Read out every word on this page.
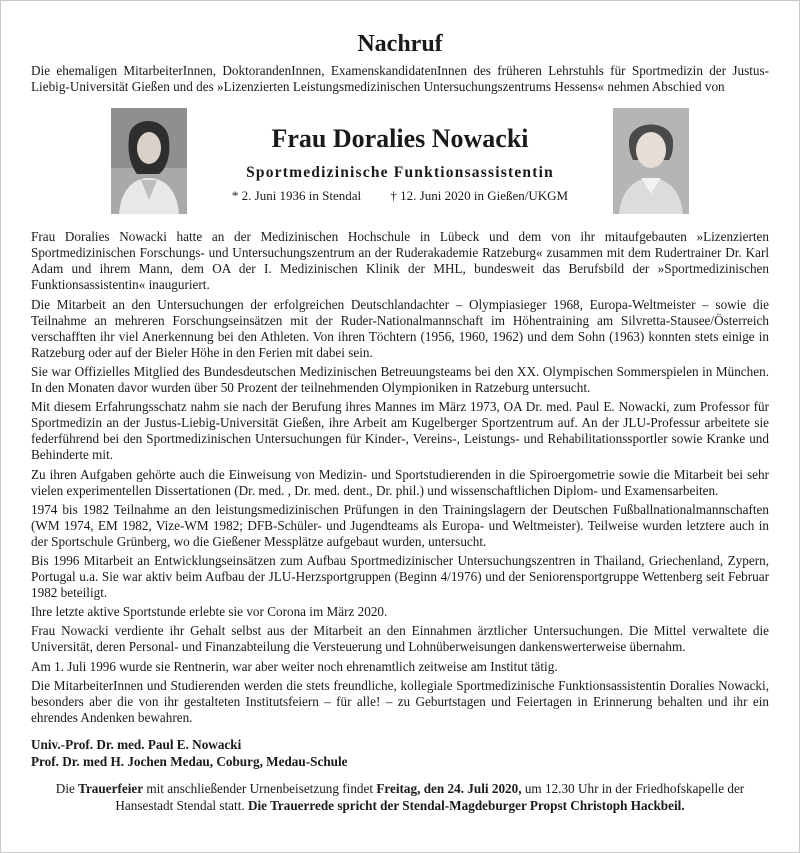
Nachruf

Die ehemaligen MitarbeiterInnen, DoktorandenInnen, ExamenskandidatenInnen des früheren Lehrstuhls für Sportmedizin der Justus-Liebig-Universität Gießen und des »Lizenzierten Leistungsmedizinischen Untersuchungszentrums Hessens« nehmen Abschied von

Frau Doralies Nowacki
Sportmedizinische Funktionsassistentin
* 2. Juni 1936 in Stendal † 12. Juni 2020 in Gießen/UKGM

Frau Doralies Nowacki hatte an der Medizinischen Hochschule in Lübeck und dem von ihr mitaufgebauten »Lizenzierten Sportmedizinischen Forschungs- und Untersuchungszentrum an der Ruderakademie Ratzeburg« zusammen mit dem Rudertrainer Dr. Karl Adam und ihrem Mann, dem OA der I. Medizinischen Klinik der MHL, bundesweit das Berufsbild der »Sportmedizinischen Funktionsassistentin« inauguriert.

Die Mitarbeit an den Untersuchungen der erfolgreichen Deutschlandachter – Olympiasieger 1968, Europa-Weltmeister – sowie die Teilnahme an mehreren Forschungseinsätzen mit der Ruder-Nationalmannschaft im Höhentraining am Silvretta-Stausee/Österreich verschafften ihr viel Anerkennung bei den Athleten. Von ihren Töchtern (1956, 1960, 1962) und dem Sohn (1963) konnten stets einige in Ratzeburg oder auf der Bieler Höhe in den Ferien mit dabei sein.

Sie war Offizielles Mitglied des Bundesdeutschen Medizinischen Betreuungsteams bei den XX. Olympischen Sommerspielen in München. In den Monaten davor wurden über 50 Prozent der teilnehmenden Olympioniken in Ratzeburg untersucht.

Mit diesem Erfahrungsschatz nahm sie nach der Berufung ihres Mannes im März 1973, OA Dr. med. Paul E. Nowacki, zum Professor für Sportmedizin an der Justus-Liebig-Universität Gießen, ihre Arbeit am Kugelberger Sportzentrum auf. An der JLU-Professur arbeitete sie federführend bei den Sportmedizinischen Untersuchungen für Kinder-, Vereins-, Leistungs- und Rehabilitationssportler sowie Kranke und Behinderte mit.

Zu ihren Aufgaben gehörte auch die Einweisung von Medizin- und Sportstudierenden in die Spiroergometrie sowie die Mitarbeit bei sehr vielen experimentellen Dissertationen (Dr. med. , Dr. med. dent., Dr. phil.) und wissenschaftlichen Diplom- und Examensarbeiten.

1974 bis 1982 Teilnahme an den leistungsmedizinischen Prüfungen in den Trainingslagern der Deutschen Fußballnationalmannschaften (WM 1974, EM 1982, Vize-WM 1982; DFB-Schüler- und Jugendteams als Europa- und Weltmeister). Teilweise wurden letztere auch in der Sportschule Grünberg, wo die Gießener Messplätze aufgebaut wurden, untersucht.

Bis 1996 Mitarbeit an Entwicklungseinsätzen zum Aufbau Sportmedizinischer Untersuchungszentren in Thailand, Griechenland, Zypern, Portugal u.a. Sie war aktiv beim Aufbau der JLU-Herzsportgruppen (Beginn 4/1976) und der Seniorensportgruppe Wettenberg seit Februar 1982 beteiligt.

Ihre letzte aktive Sportstunde erlebte sie vor Corona im März 2020.

Frau Nowacki verdiente ihr Gehalt selbst aus der Mitarbeit an den Einnahmen ärztlicher Untersuchungen. Die Mittel verwaltete die Universität, deren Personal- und Finanzabteilung die Versteuerung und Lohnüberweisungen dankenswerterweise übernahm.

Am 1. Juli 1996 wurde sie Rentnerin, war aber weiter noch ehrenamtlich zeitweise am Institut tätig.

Die MitarbeiterInnen und Studierenden werden die stets freundliche, kollegiale Sportmedizinische Funktionsassistentin Doralies Nowacki, besonders aber die von ihr gestalteten Institutsfeiern – für alle! – zu Geburtstagen und Feiertagen in Erinnerung behalten und ihr ein ehrendes Andenken bewahren.

Univ.-Prof. Dr. med. Paul E. Nowacki
Prof. Dr. med H. Jochen Medau, Coburg, Medau-Schule
Die Trauerfeier mit anschließender Urnenbeisetzung findet Freitag, den 24. Juli 2020, um 12.30 Uhr in der Friedhofskapelle der Hansestadt Stendal statt. Die Trauerrede spricht der Stendal-Magdeburger Propst Christoph Hackbeil.
